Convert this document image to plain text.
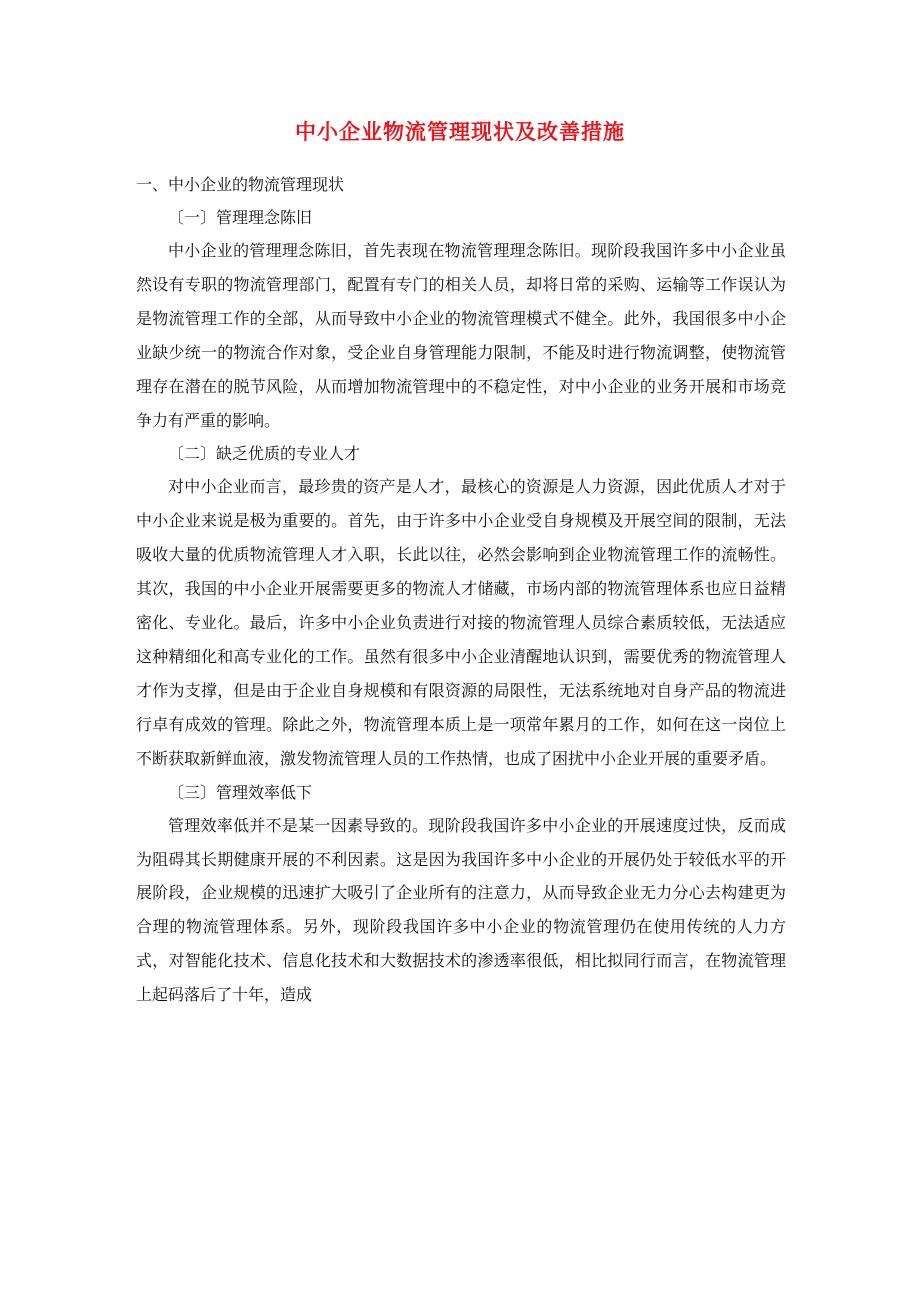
中小企业物流管理现状及改善措施
一、中小企业的物流管理现状
〔一〕管理理念陈旧

中小企业的管理理念陈旧，首先表现在物流管理理念陈旧。现阶段我国许多中小企业虽然设有专职的物流管理部门，配置有专门的相关人员，却将日常的采购、运输等工作误认为是物流管理工作的全部，从而导致中小企业的物流管理模式不健全。此外，我国很多中小企业缺少统一的物流合作对象，受企业自身管理能力限制，不能及时进行物流调整，使物流管理存在潜在的脱节风险，从而增加物流管理中的不稳定性，对中小企业的业务开展和市场竞争力有严重的影响。

〔二〕缺乏优质的专业人才

对中小企业而言，最珍贵的资产是人才，最核心的资源是人力资源，因此优质人才对于中小企业来说是极为重要的。首先，由于许多中小企业受自身规模及开展空间的限制，无法吸收大量的优质物流管理人才入职，长此以往，必然会影响到企业物流管理工作的流畅性。其次，我国的中小企业开展需要更多的物流人才储藏，市场内部的物流管理体系也应日益精密化、专业化。最后，许多中小企业负责进行对接的物流管理人员综合素质较低，无法适应这种精细化和高专业化的工作。虽然有很多中小企业清醒地认识到，需要优秀的物流管理人才作为支撑，但是由于企业自身规模和有限资源的局限性，无法系统地对自身产品的物流进行卓有成效的管理。除此之外，物流管理本质上是一项常年累月的工作，如何在这一岗位上不断获取新鲜血液，激发物流管理人员的工作热情，也成了困扰中小企业开展的重要矛盾。

〔三〕管理效率低下

管理效率低并不是某一因素导致的。现阶段我国许多中小企业的开展速度过快，反而成为阻碍其长期健康开展的不利因素。这是因为我国许多中小企业的开展仍处于较低水平的开展阶段，企业规模的迅速扩大吸引了企业所有的注意力，从而导致企业无力分心去构建更为合理的物流管理体系。另外，现阶段我国许多中小企业的物流管理仍在使用传统的人力方式，对智能化技术、信息化技术和大数据技术的渗透率很低，相比拟同行而言，在物流管理上起码落后了十年，造成
